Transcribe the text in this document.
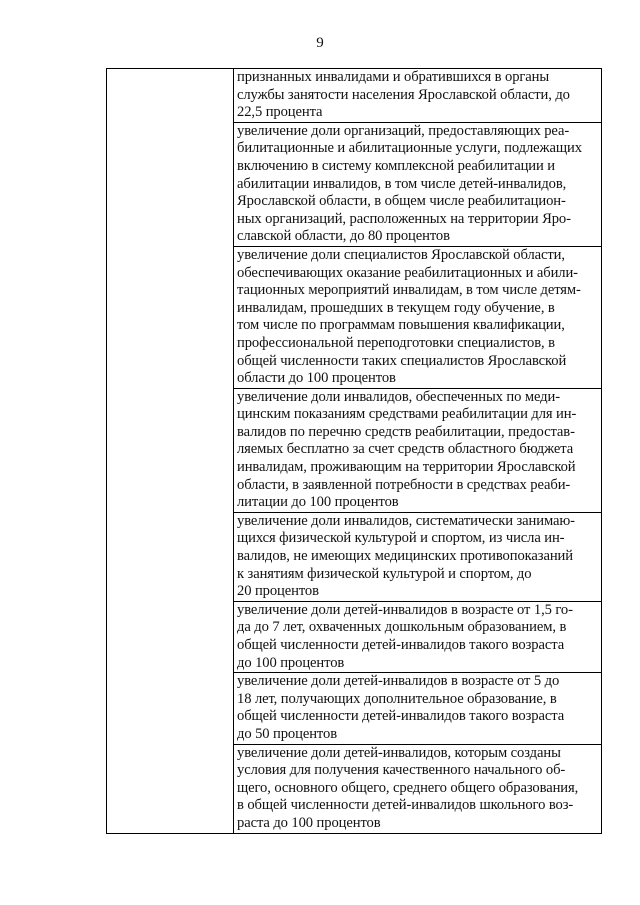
9

признанных инвалидами и обратившихся в органы
службы занятости населения Ярославской области, до
22,5 процента

увеличение доли организаций, предоставляющих реа-
билитационные и абилитационные услуги, подлежащих
включению в систему комплексной реабилитации и
абилитации инвалидов, в том числе детей-инвалидов,
Ярославской области, в общем числе реабилитацион-
ных организаций, расположенных на территории Яро-
славской области, до 80 процентов

увеличение доли специалистов Ярославской области,
обеспечивающих оказание реабилитационных и абили-
тационных мероприятий инвалидам, в том числе детям-
инвалидам, прошедших в текущем году обучение, в
том числе по программам повышения квалификации,
профессиональной переподготовки специалистов, в
общей численности таких специалистов Ярославской
области до 100 процентов

увеличение доли инвалидов, обеспеченных по меди-
цинским показаниям средствами реабилитации для ин-
валидов по перечню средств реабилитации, предостав-
ляемых бесплатно за счет средств областного бюджета
инвалидам, проживающим на территории Ярославской
области, в заявленной потребности в средствах реаби-
литации до 100 процентов

увеличение доли инвалидов, систематически занимаю-
щихся физической культурой и спортом, из числа ин-
валидов, не имеющих медицинских противопоказаний
к занятиям физической культурой и спортом, до
20 процентов

увеличение доли детей-инвалидов в возрасте от 1,5 го-
да до 7 лет, охваченных дошкольным образованием, в
общей численности детей-инвалидов такого возраста
до 100 процентов

увеличение доли детей-инвалидов в возрасте от 5 до
18 лет, получающих дополнительное образование, в
общей численности детей-инвалидов такого возраста
до 50 процентов

увеличение доли детей-инвалидов, которым созданы
условия для получения качественного начального об-
щего, основного общего, среднего общего образования,
в общей численности детей-инвалидов школьного воз-
раста до 100 процентов
